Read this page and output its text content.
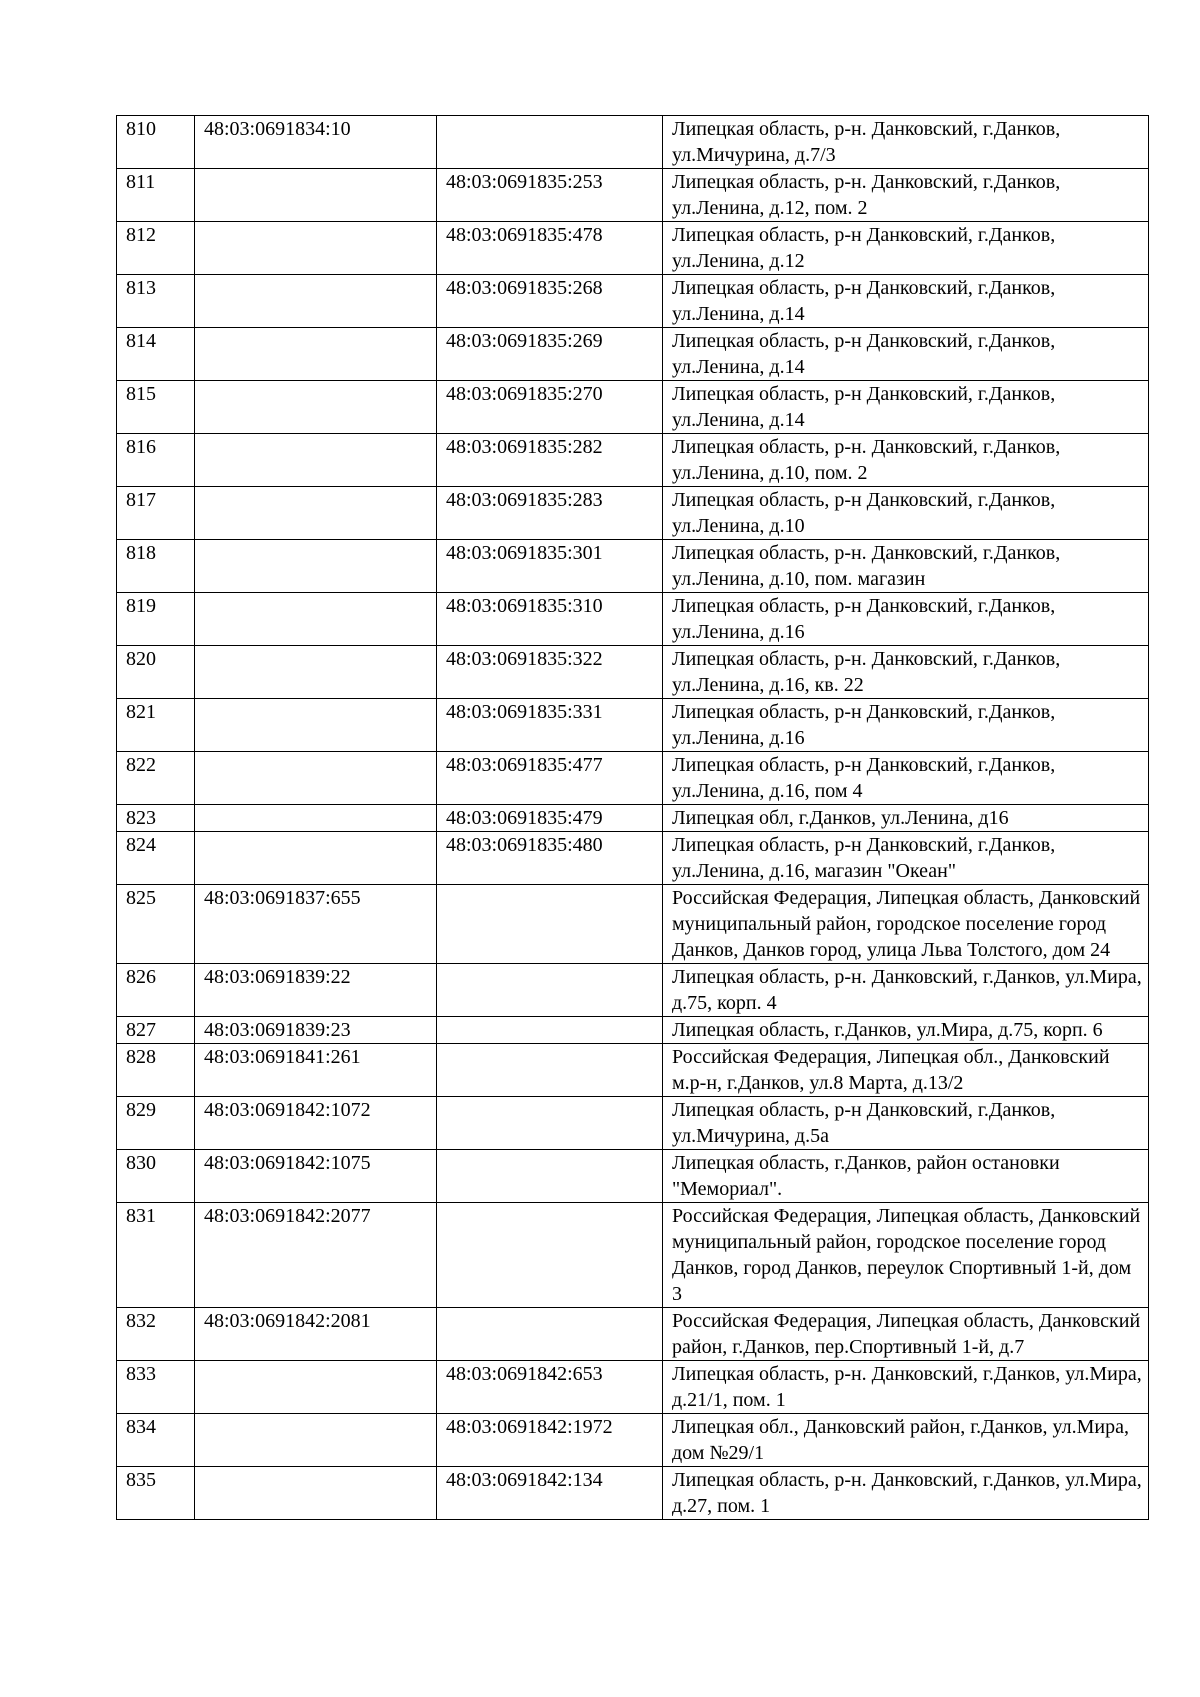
810	48:03:0691834:10		Липецкая область, р-н. Данковский, г.Данков, ул.Мичурина, д.7/3
811		48:03:0691835:253	Липецкая область, р-н. Данковский, г.Данков, ул.Ленина, д.12, пом. 2
812		48:03:0691835:478	Липецкая область, р-н Данковский, г.Данков, ул.Ленина, д.12
813		48:03:0691835:268	Липецкая область, р-н Данковский, г.Данков, ул.Ленина, д.14
814		48:03:0691835:269	Липецкая область, р-н Данковский, г.Данков, ул.Ленина, д.14
815		48:03:0691835:270	Липецкая область, р-н Данковский, г.Данков, ул.Ленина, д.14
816		48:03:0691835:282	Липецкая область, р-н. Данковский, г.Данков, ул.Ленина, д.10, пом. 2
817		48:03:0691835:283	Липецкая область, р-н Данковский, г.Данков, ул.Ленина, д.10
818		48:03:0691835:301	Липецкая область, р-н. Данковский, г.Данков, ул.Ленина, д.10, пом. магазин
819		48:03:0691835:310	Липецкая область, р-н Данковский, г.Данков, ул.Ленина, д.16
820		48:03:0691835:322	Липецкая область, р-н. Данковский, г.Данков, ул.Ленина, д.16, кв. 22
821		48:03:0691835:331	Липецкая область, р-н Данковский, г.Данков, ул.Ленина, д.16
822		48:03:0691835:477	Липецкая область, р-н Данковский, г.Данков, ул.Ленина, д.16, пом 4
823		48:03:0691835:479	Липецкая обл, г.Данков, ул.Ленина, д16
824		48:03:0691835:480	Липецкая область, р-н Данковский, г.Данков, ул.Ленина, д.16, магазин "Океан"
825	48:03:0691837:655		Российская Федерация, Липецкая область, Данковский муниципальный район, городское поселение город Данков, Данков город, улица Льва Толстого, дом 24
826	48:03:0691839:22		Липецкая область, р-н. Данковский, г.Данков, ул.Мира, д.75, корп. 4
827	48:03:0691839:23		Липецкая область, г.Данков, ул.Мира, д.75, корп. 6
828	48:03:0691841:261		Российская Федерация, Липецкая обл., Данковский м.р-н, г.Данков, ул.8 Марта, д.13/2
829	48:03:0691842:1072		Липецкая область, р-н Данковский, г.Данков, ул.Мичурина, д.5а
830	48:03:0691842:1075		Липецкая область, г.Данков, район остановки "Мемориал".
831	48:03:0691842:2077		Российская Федерация, Липецкая область, Данковский муниципальный район, городское поселение город Данков, город Данков, переулок Спортивный 1-й, дом 3
832	48:03:0691842:2081		Российская Федерация, Липецкая область, Данковский район, г.Данков, пер.Спортивный 1-й, д.7
833		48:03:0691842:653	Липецкая область, р-н. Данковский, г.Данков, ул.Мира, д.21/1, пом. 1
834		48:03:0691842:1972	Липецкая обл., Данковский район, г.Данков, ул.Мира, дом №29/1
835		48:03:0691842:134	Липецкая область, р-н. Данковский, г.Данков, ул.Мира, д.27, пом. 1
